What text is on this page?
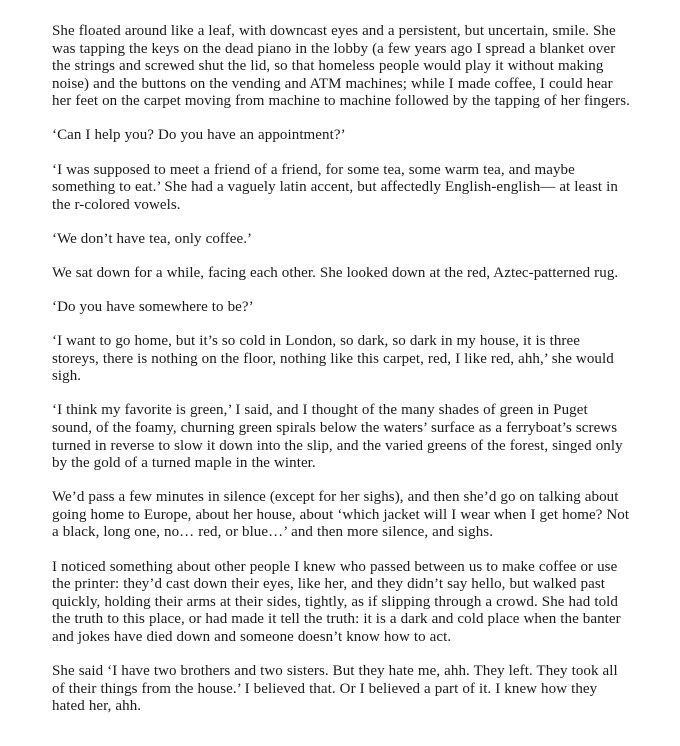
She floated around like a leaf, with downcast eyes and a persistent, but uncertain, smile. She was tapping the keys on the dead piano in the lobby (a few years ago I spread a blanket over the strings and screwed shut the lid, so that homeless people would play it without making noise) and the buttons on the vending and ATM machines; while I made coffee, I could hear her feet on the carpet moving from machine to machine followed by the tapping of her fingers.

‘Can I help you? Do you have an appointment?’

‘I was supposed to meet a friend of a friend, for some tea, some warm tea, and maybe something to eat.’ She had a vaguely latin accent, but affectedly English-english— at least in the r-colored vowels.

‘We don’t have tea, only coffee.’

We sat down for a while, facing each other. She looked down at the red, Aztec-patterned rug.

‘Do you have somewhere to be?’

‘I want to go home, but it’s so cold in London, so dark, so dark in my house, it is three storeys, there is nothing on the floor, nothing like this carpet, red, I like red, ahh,’ she would sigh.

‘I think my favorite is green,’ I said, and I thought of the many shades of green in Puget sound, of the foamy, churning green spirals below the waters’ surface as a ferryboat’s screws turned in reverse to slow it down into the slip, and the varied greens of the forest, singed only by the gold of a turned maple in the winter.

We’d pass a few minutes in silence (except for her sighs), and then she’d go on talking about going home to Europe, about her house, about ‘which jacket will I wear when I get home? Not a black, long one, no… red, or blue…’ and then more silence, and sighs.

I noticed something about other people I knew who passed between us to make coffee or use the printer: they’d cast down their eyes, like her, and they didn’t say hello, but walked past quickly, holding their arms at their sides, tightly, as if slipping through a crowd. She had told the truth to this place, or had made it tell the truth: it is a dark and cold place when the banter and jokes have died down and someone doesn’t know how to act.

She said ‘I have two brothers and two sisters. But they hate me, ahh. They left. They took all of their things from the house.’ I believed that. Or I believed a part of it. I knew how they hated her, ahh.
